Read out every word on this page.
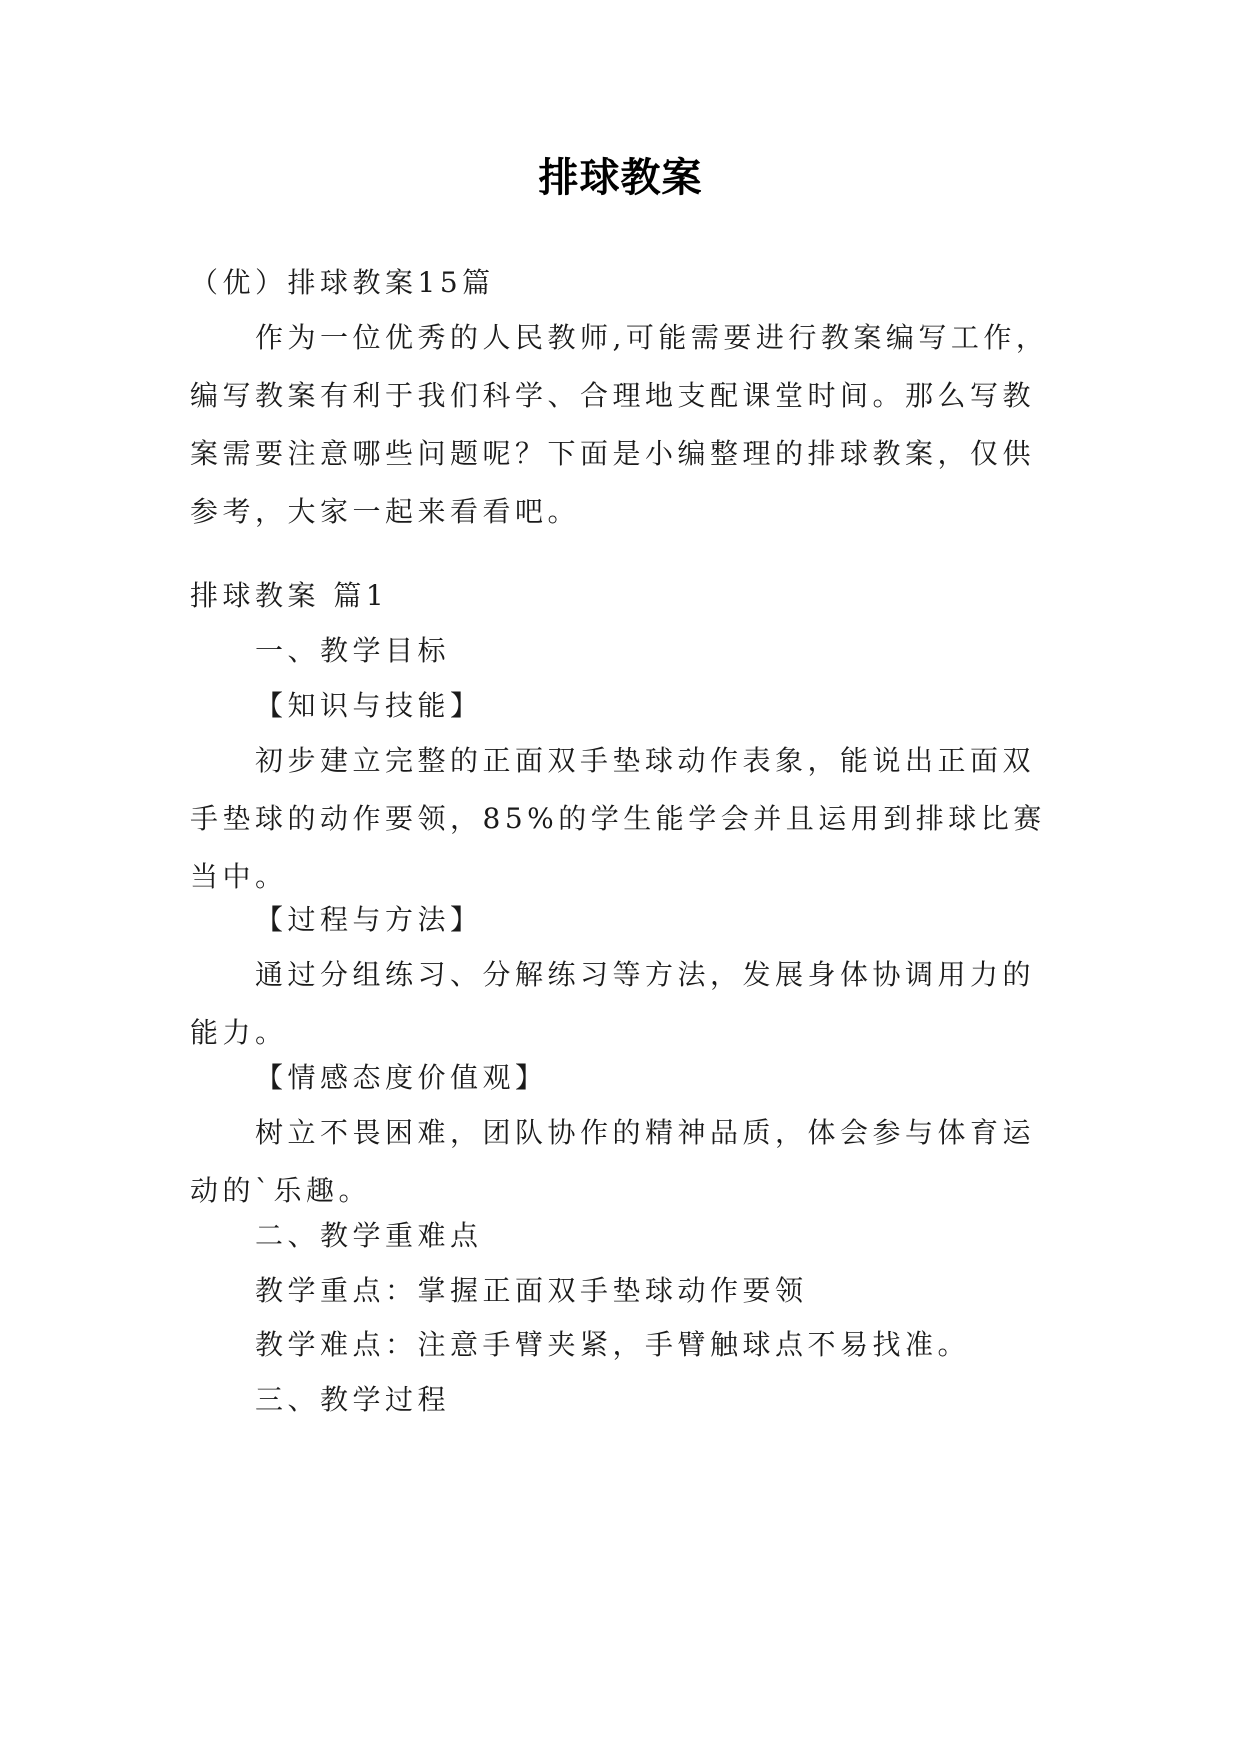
排球教案

（优）排球教案15篇

作为一位优秀的人民教师,可能需要进行教案编写工作，编写教案有利于我们科学、合理地支配课堂时间。那么写教案需要注意哪些问题呢？下面是小编整理的排球教案，仅供参考，大家一起来看看吧。

排球教案 篇1

一、教学目标

【知识与技能】

初步建立完整的正面双手垫球动作表象，能说出正面双手垫球的动作要领，85%的学生能学会并且运用到排球比赛当中。

【过程与方法】

通过分组练习、分解练习等方法，发展身体协调用力的能力。

【情感态度价值观】

树立不畏困难，团队协作的精神品质，体会参与体育运动的`乐趣。

二、教学重难点

教学重点：掌握正面双手垫球动作要领

教学难点：注意手臂夹紧，手臂触球点不易找准。

三、教学过程
